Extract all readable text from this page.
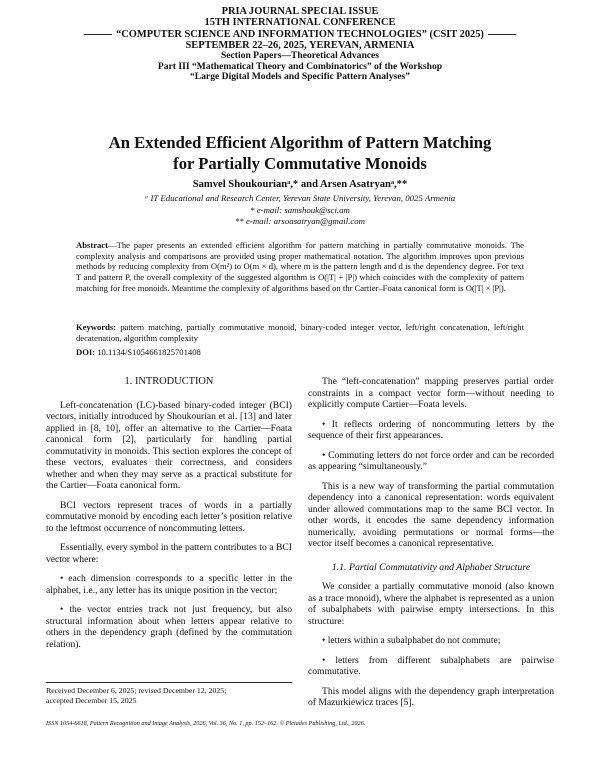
PRIA JOURNAL SPECIAL ISSUE
15TH INTERNATIONAL CONFERENCE
“COMPUTER SCIENCE AND INFORMATION TECHNOLOGIES” (CSIT 2025)
SEPTEMBER 22–26, 2025, YEREVAN, ARMENIA
Section Papers—Theoretical Advances
Part III “Mathematical Theory and Combinatorics” of the Workshop
“Large Digital Models and Specific Pattern Analyses”
An Extended Efficient Algorithm of Pattern Matching
for Partially Commutative Monoids
Samvel Shoukourianᵃ,* and Arsen Asatryanᵃ,**
ᵃ IT Educational and Research Center, Yerevan State University, Yerevan, 0025 Armenia
* e-mail: samshouk@sci.am
** e-mail: arsoasatryan@gmail.com
Abstract—The paper presents an extended efficient algorithm for pattern matching in partially commutative monoids. The complexity analysis and comparisons are provided using proper mathematical notation. The algorithm improves upon previous methods by reducing complexity from O(m²) to O(m × d), where m is the pattern length and d is the dependency degree. For text T and pattern P, the overall complexity of the suggested algorithm is O(|T| + |P|) which coincides with the complexity of pattern matching for free monoids. Meantime the complexity of algorithms based on thr Cartier–Foata canonical form is O(|T| × |P|).
Keywords: pattern matching, partially commutative monoid, binary-coded integer vector, left/right concatenation, left/right decatenation, algorithm complexity
DOI: 10.1134/S1054661825701408
1. INTRODUCTION

Left-concatenation (LC)-based binary-coded integer (BCI) vectors, initially introduced by Shoukourian et al. [13] and later applied in [8, 10], offer an alternative to the Cartier—Foata canonical form [2], particularly for handling partial commutativity in monoids. This section explores the concept of these vectors, evaluates their correctness, and considers whether and when they may serve as a practical substitute for the Cartier—Foata canonical form.

BCI vectors represent traces of words in a partially commutative monoid by encoding each letter’s position relative to the leftmost occurrence of noncommuting letters.

Essentially, every symbol in the pattern contributes to a BCI vector where:

• each dimension corresponds to a specific letter in the alphabet, i.e., any letter has its unique position in the vector;

• the vector entries track not just frequency, but also structural information about when letters appear relative to others in the dependency graph (defined by the commutation relation).

The “left-concatenation” mapping preserves partial order constraints in a compact vector form—without needing to explicitly compute Cartier—Foata levels.

• It reflects ordering of noncommuting letters by the sequence of their first appearances.

• Commuting letters do not force order and can be recorded as appearing “simultaneously.”

This is a new way of transforming the partial commutation dependency into a canonical representation: words equivalent under allowed commutations map to the same BCI vector. In other words, it encodes the same dependency information numerically, avoiding permutations or normal forms—the vector itself becomes a canonical representative.

1.1. Partial Commutativity and Alphabet Structure

We consider a partially commutative monoid (also known as a trace monoid), where the alphabet is represented as a union of subalphabets with pairwise empty intersections. In this structure:

• letters within a subalphabet do not commute;

• letters from different subalphabets are pairwise commutative.

This model aligns with the dependency graph interpretation of Mazurkiewicz traces [5].

Received December 6, 2025; revised December 12, 2025;
accepted December 15, 2025
ISSN 1054-6618, Pattern Recognition and Image Analysis, 2026, Vol. 36, No. 1, pp. 152–162. © Pleiades Publishing, Ltd., 2026.
